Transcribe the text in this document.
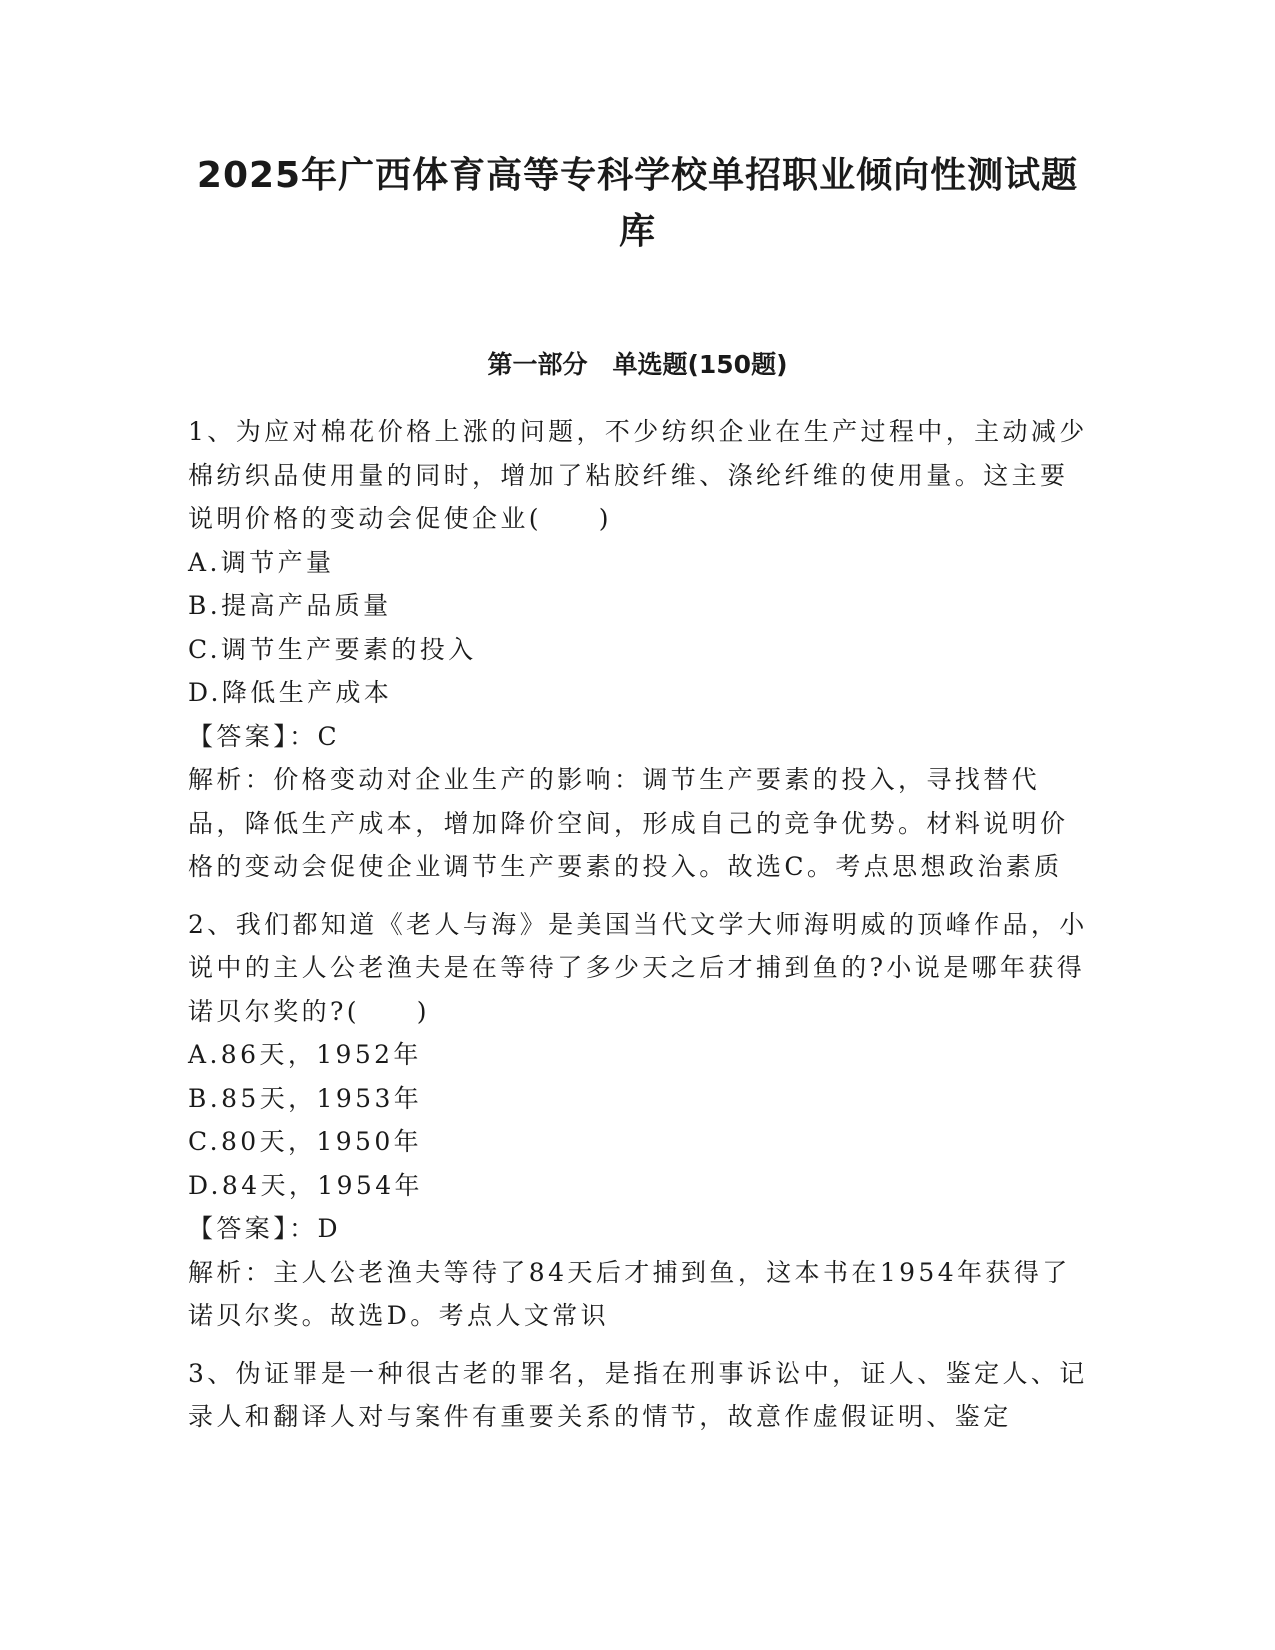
2025年广西体育高等专科学校单招职业倾向性测试题
库
第一部分　单选题(150题)

1、为应对棉花价格上涨的问题，不少纺织企业在生产过程中，主动减少棉纺织品使用量的同时，增加了粘胶纤维、涤纶纤维的使用量。这主要说明价格的变动会促使企业(　　)

A.调节产量

B.提高产品质量

C.调节生产要素的投入

D.降低生产成本

【答案】：C

解析：价格变动对企业生产的影响：调节生产要素的投入，寻找替代品，降低生产成本，增加降价空间，形成自己的竞争优势。材料说明价格的变动会促使企业调节生产要素的投入。故选C。考点思想政治素质

2、我们都知道《老人与海》是美国当代文学大师海明威的顶峰作品，小说中的主人公老渔夫是在等待了多少天之后才捕到鱼的?小说是哪年获得诺贝尔奖的?(　　)

A.86天，1952年

B.85天，1953年

C.80天，1950年

D.84天，1954年

【答案】：D

解析：主人公老渔夫等待了84天后才捕到鱼，这本书在1954年获得了诺贝尔奖。故选D。考点人文常识

3、伪证罪是一种很古老的罪名，是指在刑事诉讼中，证人、鉴定人、记录人和翻译人对与案件有重要关系的情节，故意作虚假证明、鉴定
